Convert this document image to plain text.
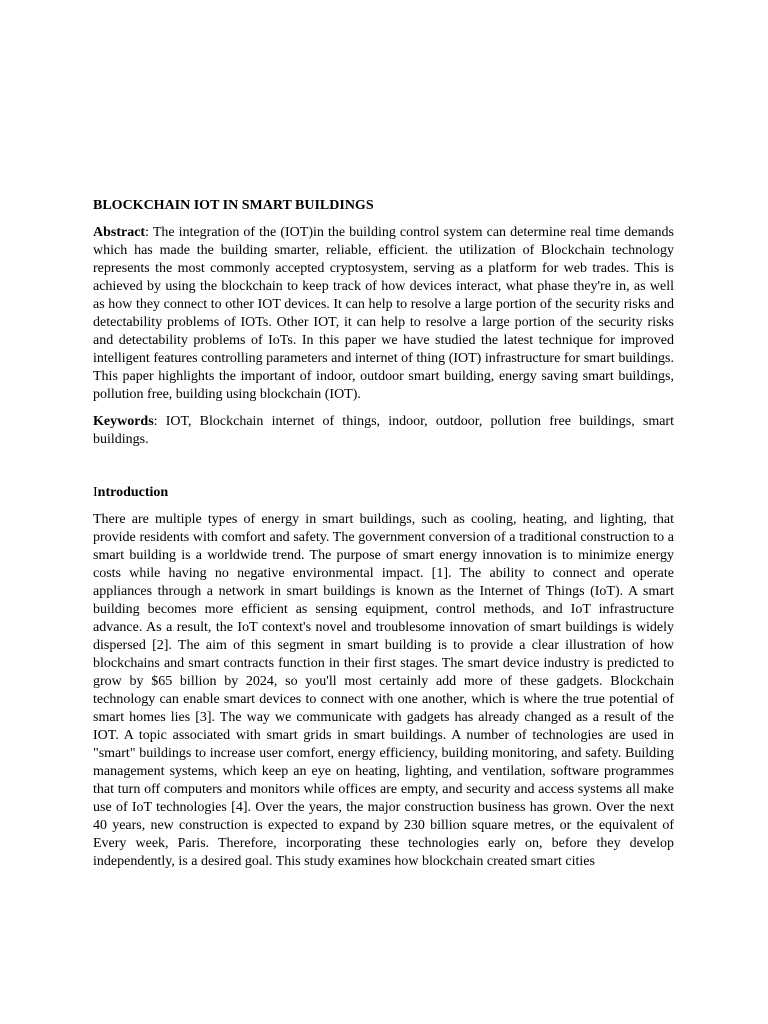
BLOCKCHAIN IOT IN SMART BUILDINGS

Abstract: The integration of the (IOT)in the building control system can determine real time demands which has made the building smarter, reliable, efficient. the utilization of Blockchain technology represents the most commonly accepted cryptosystem, serving as a platform for web trades. This is achieved by using the blockchain to keep track of how devices interact, what phase they're in, as well as how they connect to other IOT devices. It can help to resolve a large portion of the security risks and detectability problems of IOTs. Other IOT, it can help to resolve a large portion of the security risks and detectability problems of IoTs. In this paper we have studied the latest technique for improved intelligent features controlling parameters and internet of thing (IOT) infrastructure for smart buildings. This paper highlights the important of indoor, outdoor smart building, energy saving smart buildings, pollution free, building using blockchain (IOT).

Keywords: IOT, Blockchain internet of things, indoor, outdoor, pollution free buildings, smart buildings.

Introduction

There are multiple types of energy in smart buildings, such as cooling, heating, and lighting, that provide residents with comfort and safety. The government conversion of a traditional construction to a smart building is a worldwide trend. The purpose of smart energy innovation is to minimize energy costs while having no negative environmental impact. [1]. The ability to connect and operate appliances through a network in smart buildings is known as the Internet of Things (IoT). A smart building becomes more efficient as sensing equipment, control methods, and IoT infrastructure advance. As a result, the IoT context's novel and troublesome innovation of smart buildings is widely dispersed [2]. The aim of this segment in smart building is to provide a clear illustration of how blockchains and smart contracts function in their first stages. The smart device industry is predicted to grow by $65 billion by 2024, so you'll most certainly add more of these gadgets. Blockchain technology can enable smart devices to connect with one another, which is where the true potential of smart homes lies [3]. The way we communicate with gadgets has already changed as a result of the IOT. A topic associated with smart grids in smart buildings. A number of technologies are used in "smart" buildings to increase user comfort, energy efficiency, building monitoring, and safety. Building management systems, which keep an eye on heating, lighting, and ventilation, software programmes that turn off computers and monitors while offices are empty, and security and access systems all make use of IoT technologies [4]. Over the years, the major construction business has grown. Over the next 40 years, new construction is expected to expand by 230 billion square metres, or the equivalent of Every week, Paris. Therefore, incorporating these technologies early on, before they develop independently, is a desired goal. This study examines how blockchain created smart cities
